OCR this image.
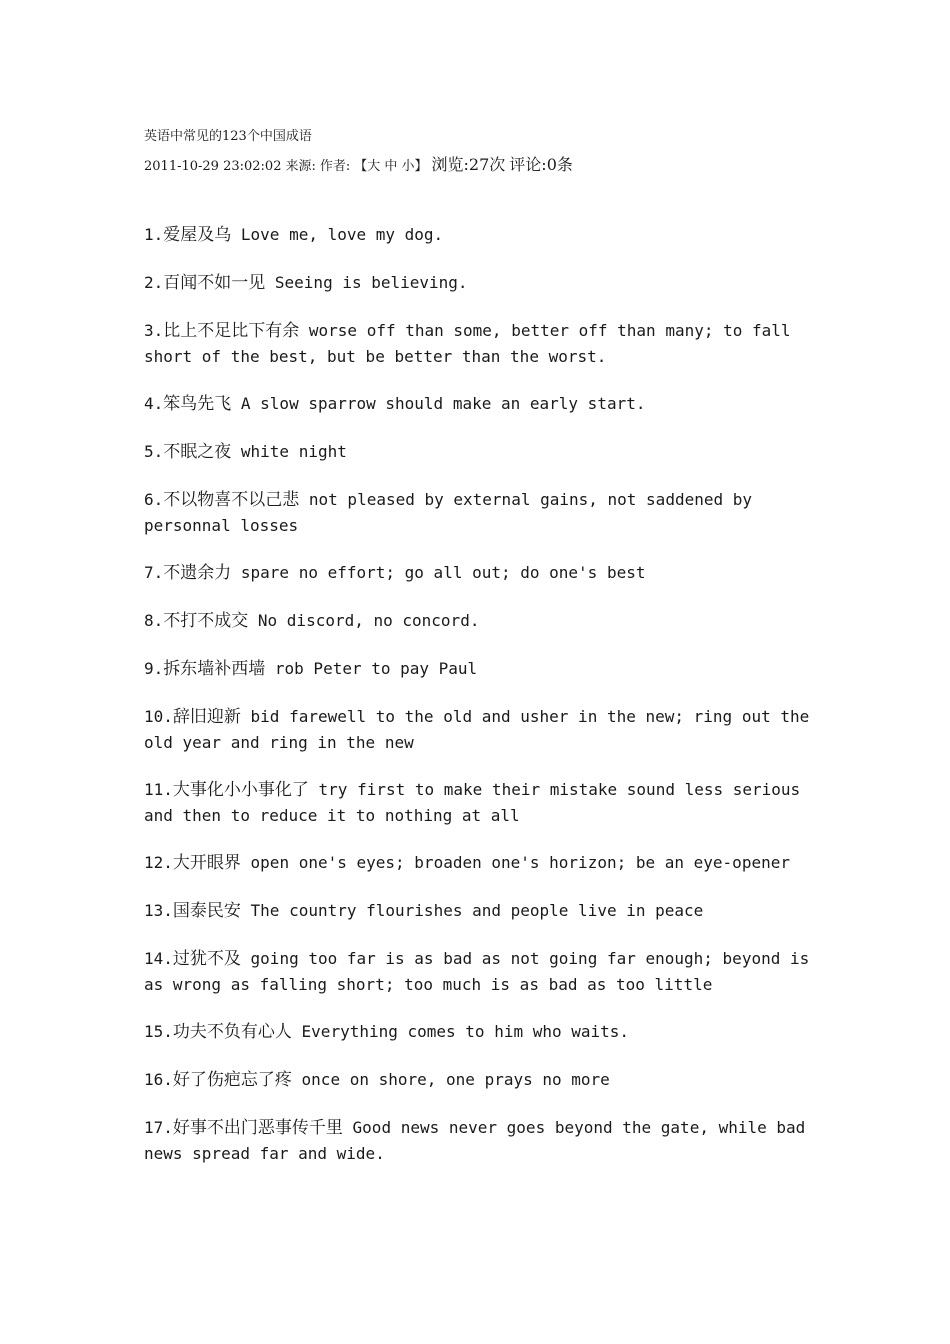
英语中常见的123个中国成语
2011-10-29 23:02:02 来源: 作者: 【大 中 小】 浏览:27次 评论:0条
1.爱屋及乌 Love me, love my dog.
2.百闻不如一见 Seeing is believing.
3.比上不足比下有余 worse off than some, better off than many; to fall short of the best, but be better than the worst.
4.笨鸟先飞 A slow sparrow should make an early start.
5.不眠之夜 white night
6.不以物喜不以己悲 not pleased by external gains, not saddened by personnal losses
7.不遗余力 spare no effort; go all out; do one's best
8.不打不成交 No discord, no concord.
9.拆东墙补西墙 rob Peter to pay Paul
10.辞旧迎新 bid farewell to the old and usher in the new; ring out the old year and ring in the new
11.大事化小小事化了 try first to make their mistake sound less serious and then to reduce it to nothing at all
12.大开眼界 open one's eyes; broaden one's horizon; be an eye-opener
13.国泰民安 The country flourishes and people live in peace
14.过犹不及 going too far is as bad as not going far enough; beyond is as wrong as falling short; too much is as bad as too little
15.功夫不负有心人 Everything comes to him who waits.
16.好了伤疤忘了疼 once on shore, one prays no more
17.好事不出门恶事传千里 Good news never goes beyond the gate, while bad news spread far and wide.
